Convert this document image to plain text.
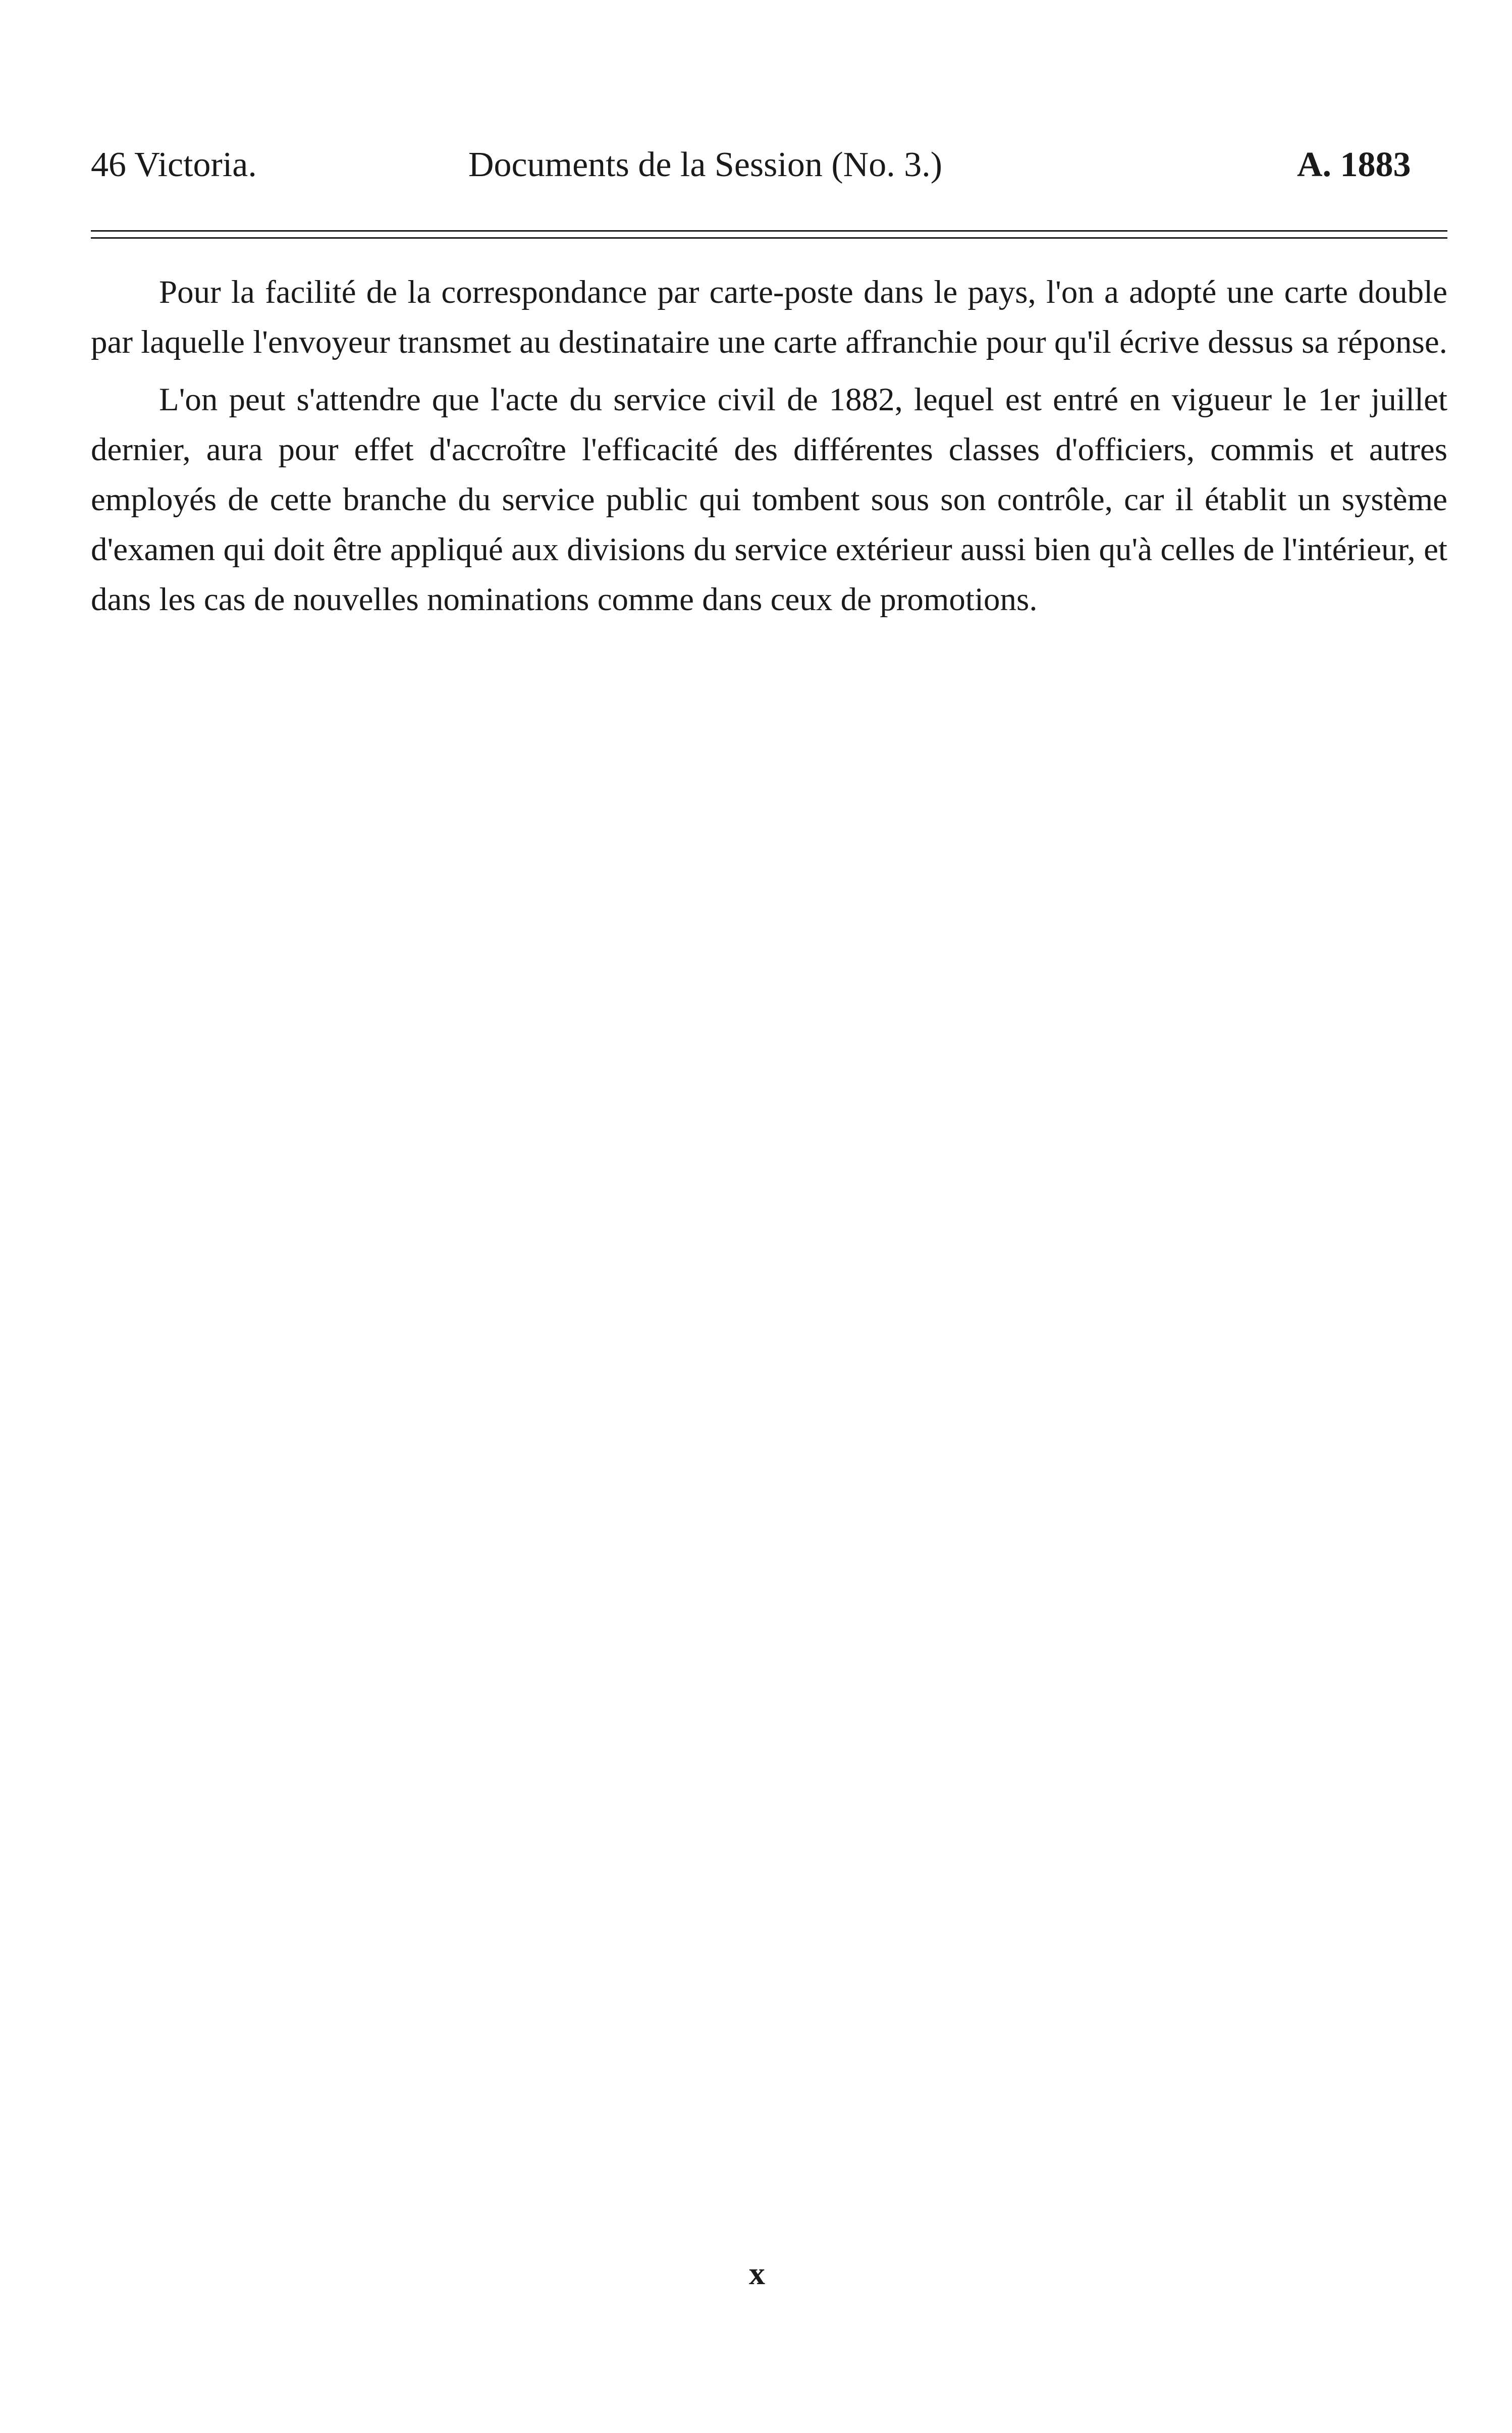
46 Victoria.	Documents de la Session (No. 3.)	A. 1883

Pour la facilité de la correspondance par carte-poste dans le pays, l'on a adopté une carte double par laquelle l'envoyeur transmet au destinataire une carte affranchie pour qu'il écrive dessus sa réponse.

L'on peut s'attendre que l'acte du service civil de 1882, lequel est entré en vigueur le 1er juillet dernier, aura pour effet d'accroître l'efficacité des différentes classes d'officiers, commis et autres employés de cette branche du service public qui tombent sous son contrôle, car il établit un système d'examen qui doit être appliqué aux divisions du service extérieur aussi bien qu'à celles de l'intérieur, et dans les cas de nouvelles nominations comme dans ceux de promotions.

x
